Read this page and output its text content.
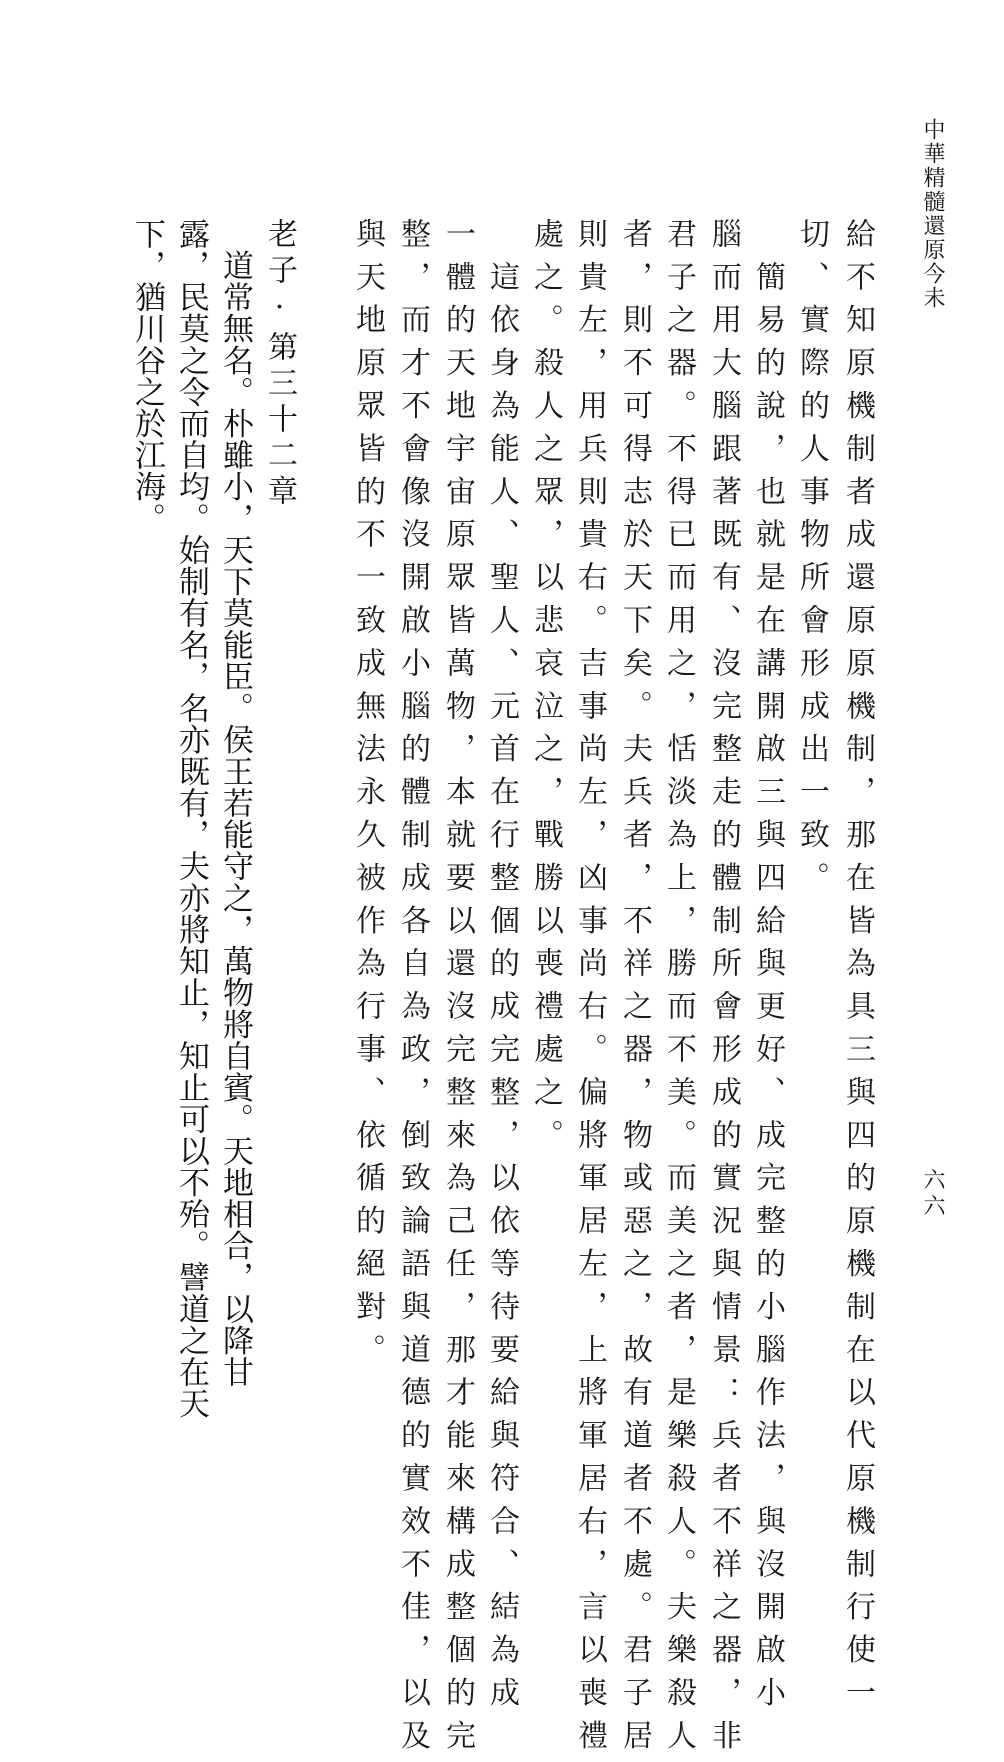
中華精髓還原今未
六六
給不知原機制者成還原原機制，那在皆為具三與四的原機制在以代原機制行使一
切、實際的人事物所會形成出一致。
　簡易的說，也就是在講開啟三與四給與更好、成完整的小腦作法，與沒開啟小
腦而用大腦跟著既有、沒完整走的體制所會形成的實況與情景：兵者不祥之器，非
君子之器。不得已而用之，恬淡為上，勝而不美。而美之者，是樂殺人。夫樂殺人
者，則不可得志於天下矣。夫兵者，不祥之器，物或惡之，故有道者不處。君子居
則貴左，用兵則貴右。吉事尚左，凶事尚右。偏將軍居左，上將軍居右，言以喪禮
處之。殺人之眾，以悲哀泣之，戰勝以喪禮處之。
　這依身為能人、聖人、元首在行整個的成完整，以依等待要給與符合、結為成
一體的天地宇宙原眾皆萬物，本就要以還沒完整來為己任，那才能來構成整個的完
整，而才不會像沒開啟小腦的體制成各自為政，倒致論語與道德的實效不佳，以及
與天地原眾皆的不一致成無法永久被作為行事、依循的絕對。
老子·第三十二章
　道常無名。朴雖小，天下莫能臣。侯王若能守之，萬物將自賓。天地相合，以降甘
露，民莫之令而自均。始制有名，名亦既有，夫亦將知止，知止可以不殆。譬道之在天
下，猶川谷之於江海。
